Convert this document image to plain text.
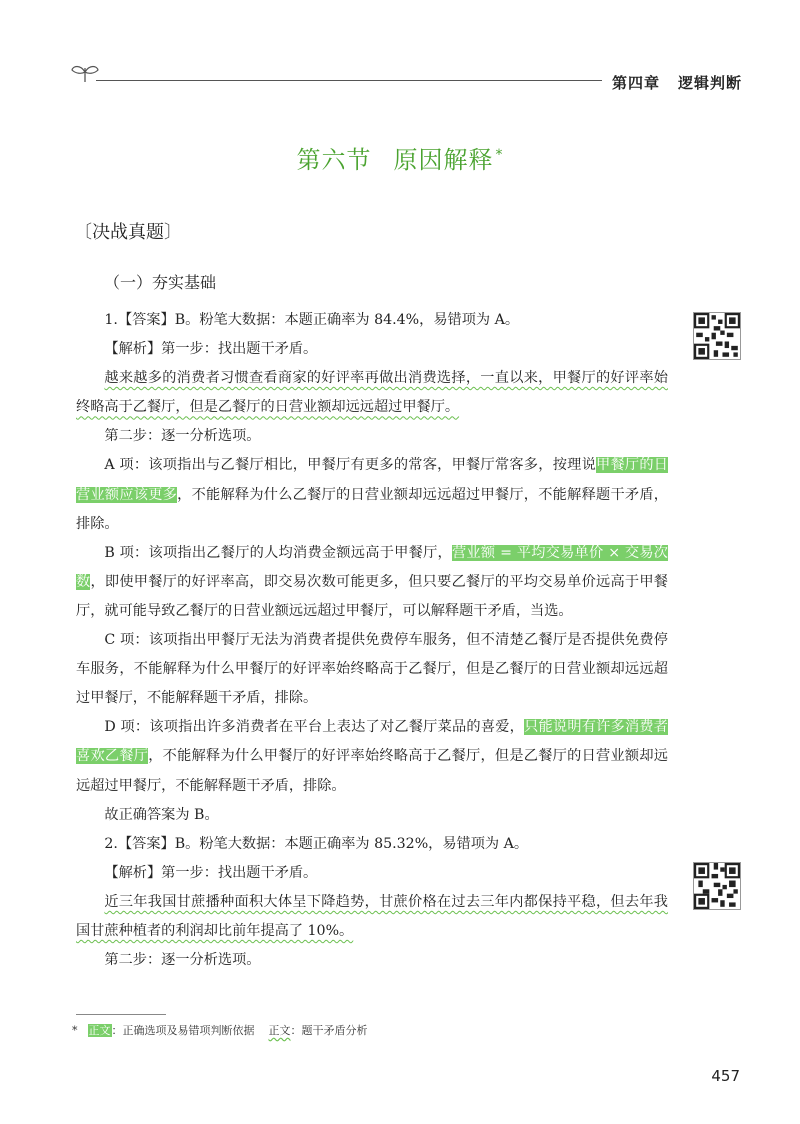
第四章 逻辑判断
第六节 原因解释 *
〔决战真题〕
（一）夯实基础

1.【答案】B。粉笔大数据：本题正确率为 84.4%，易错项为 A。

【解析】第一步：找出题干矛盾。

越来越多的消费者习惯查看商家的好评率再做出消费选择，一直以来，甲餐厅的好评率始终略高于乙餐厅，但是乙餐厅的日营业额却远远超过甲餐厅。

第二步：逐一分析选项。

A 项：该项指出与乙餐厅相比，甲餐厅有更多的常客，甲餐厅常客多，按理说甲餐厅的日营业额应该更多，不能解释为什么乙餐厅的日营业额却远远超过甲餐厅，不能解释题干矛盾，排除。

B 项：该项指出乙餐厅的人均消费金额远高于甲餐厅，营业额 = 平均交易单价 × 交易次数，即使甲餐厅的好评率高，即交易次数可能更多，但只要乙餐厅的平均交易单价远高于甲餐厅，就可能导致乙餐厅的日营业额远远超过甲餐厅，可以解释题干矛盾，当选。

C 项：该项指出甲餐厅无法为消费者提供免费停车服务，但不清楚乙餐厅是否提供免费停车服务，不能解释为什么甲餐厅的好评率始终略高于乙餐厅，但是乙餐厅的日营业额却远远超过甲餐厅，不能解释题干矛盾，排除。

D 项：该项指出许多消费者在平台上表达了对乙餐厅菜品的喜爱，只能说明有许多消费者喜欢乙餐厅，不能解释为什么甲餐厅的好评率始终略高于乙餐厅，但是乙餐厅的日营业额却远远超过甲餐厅，不能解释题干矛盾，排除。

故正确答案为 B。

2.【答案】B。粉笔大数据：本题正确率为 85.32%，易错项为 A。

【解析】第一步：找出题干矛盾。

近三年我国甘蔗播种面积大体呈下降趋势，甘蔗价格在过去三年内都保持平稳，但去年我国甘蔗种植者的利润却比前年提高了 10%。

第二步：逐一分析选项。

* 正文：正确选项及易错项判断依据 正文：题干矛盾分析
457
